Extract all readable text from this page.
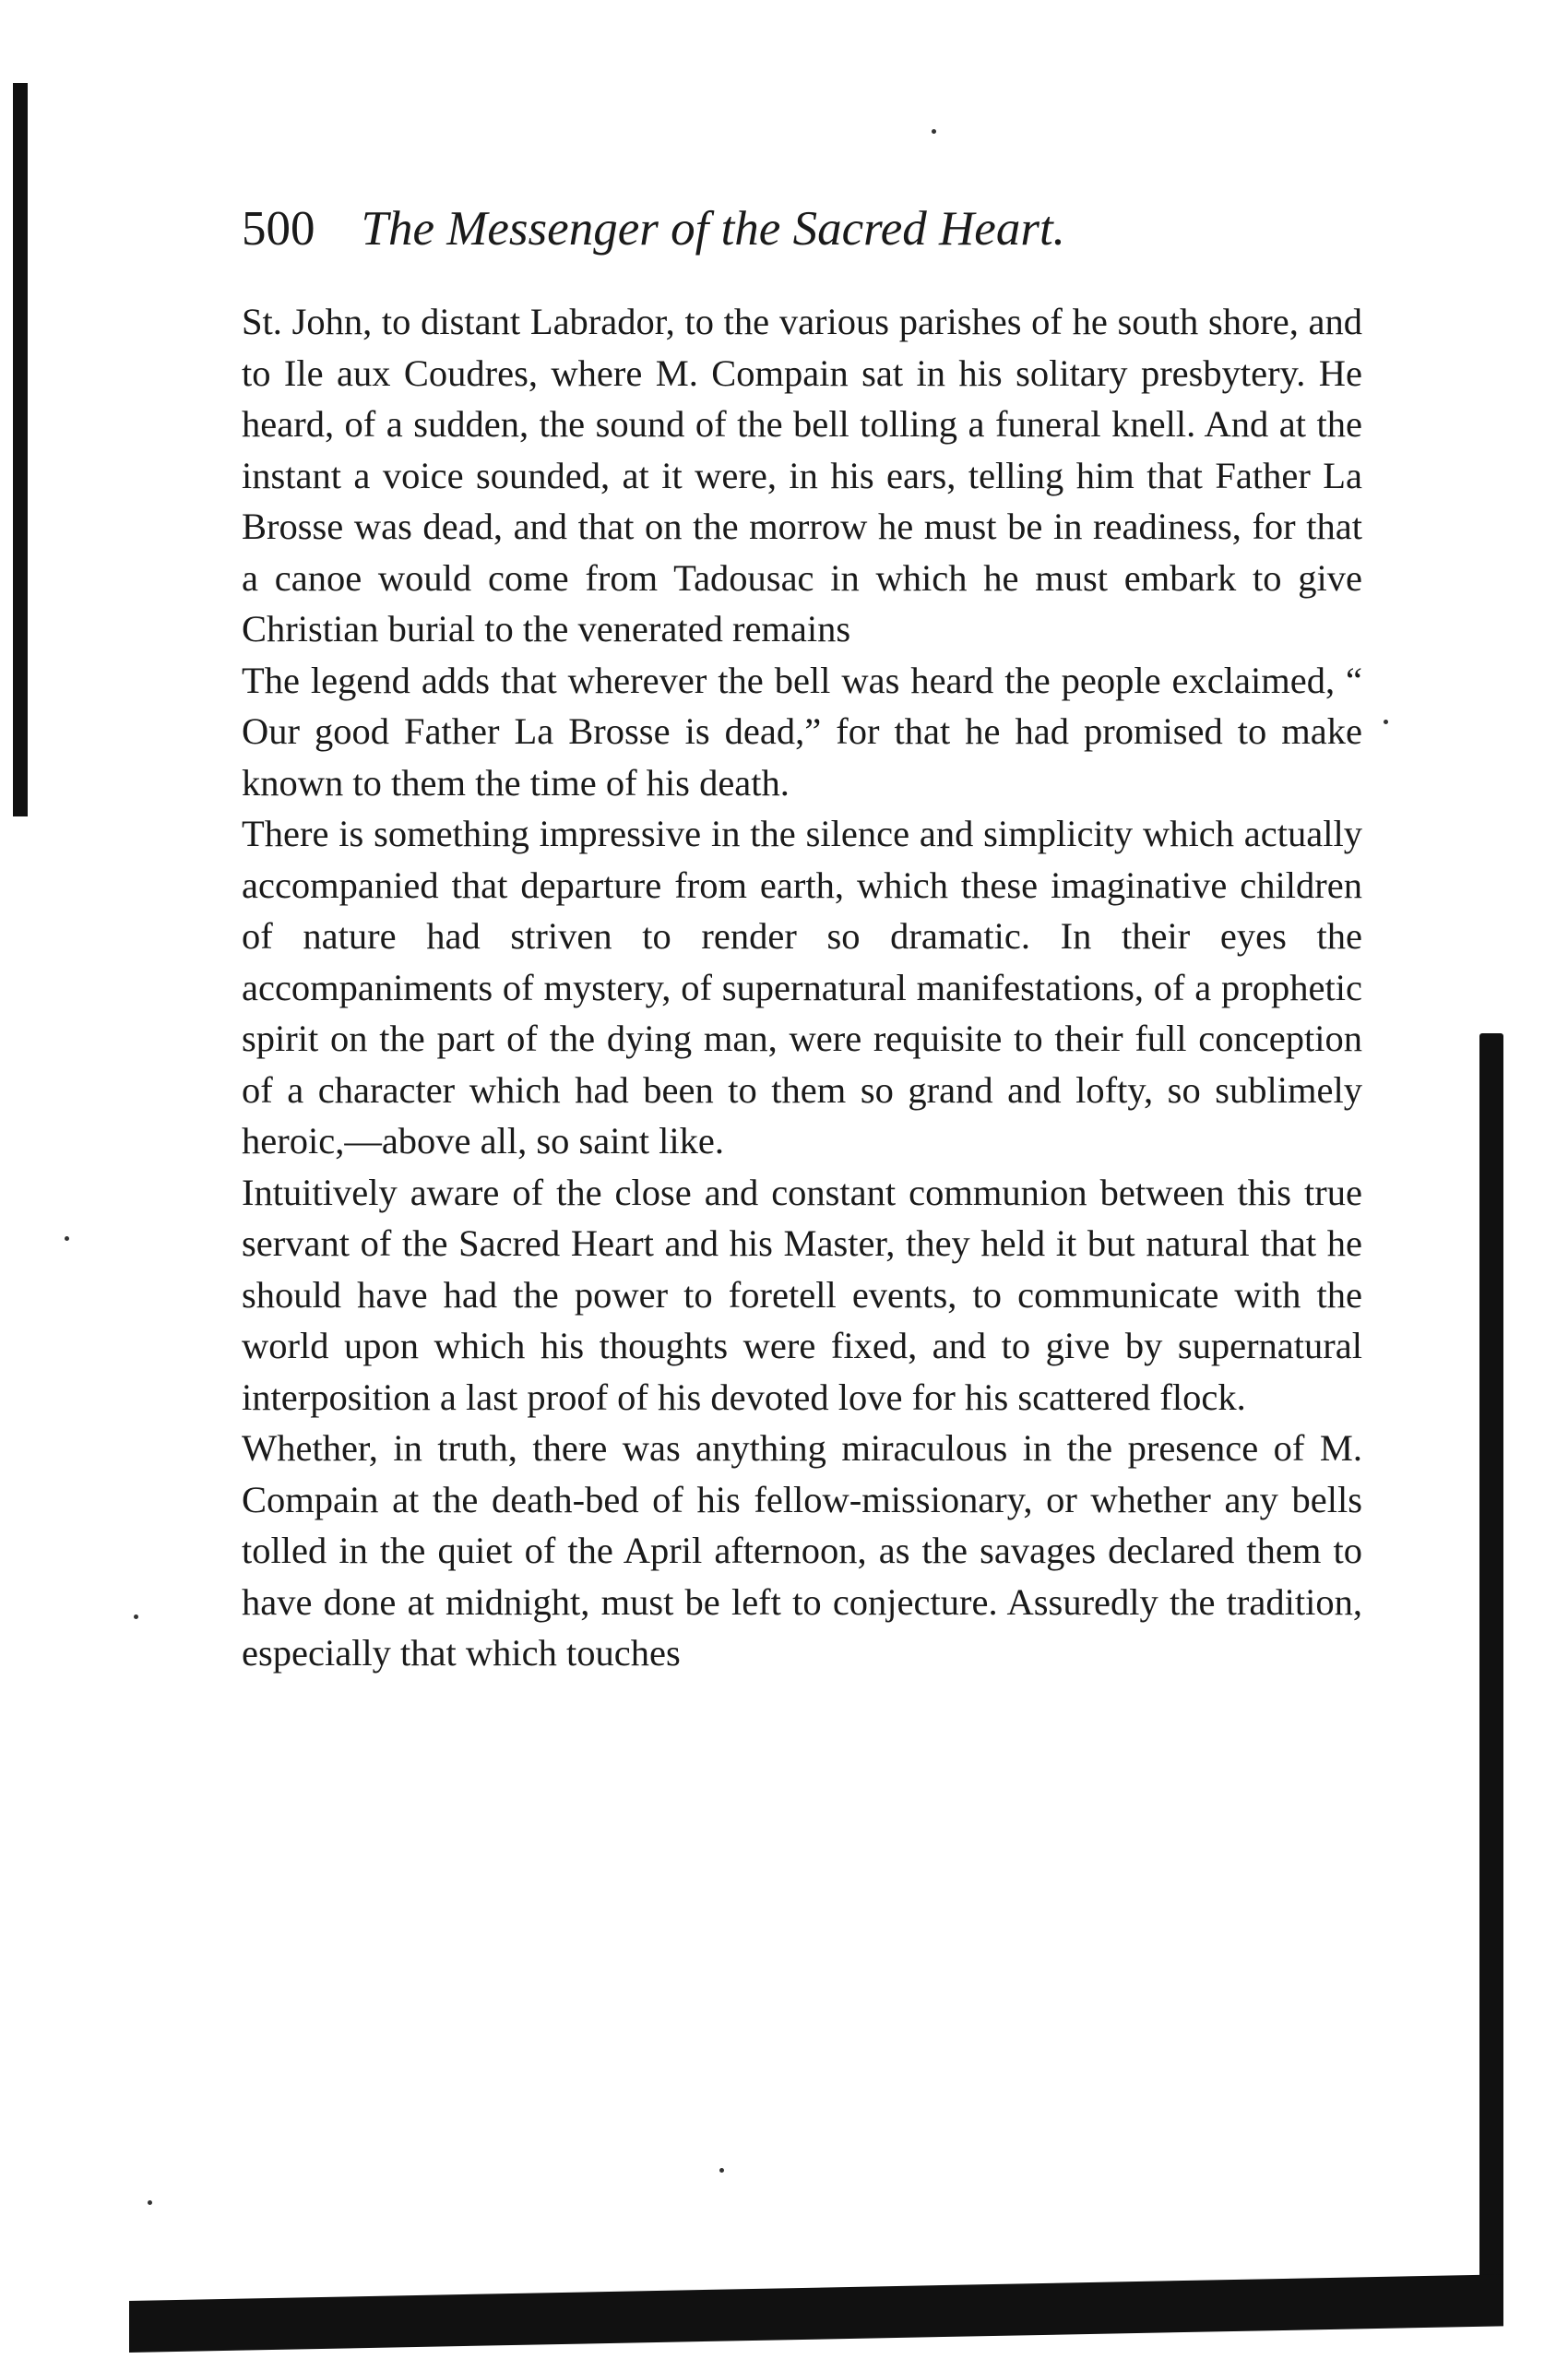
500 The Messenger of the Sacred Heart.

St. John, to distant Labrador, to the various parishes of he south shore, and to Ile aux Coudres, where M. Compain sat in his solitary presbytery. He heard, of a sudden, the sound of the bell tolling a funeral knell. And at the instant a voice sounded, at it were, in his ears, telling him that Father La Brosse was dead, and that on the morrow he must be in readiness, for that a canoe would come from Tadousac in which he must embark to give Christian burial to the venerated remains

The legend adds that wherever the bell was heard the people exclaimed, “ Our good Father La Brosse is dead,” for that he had promised to make known to them the time of his death.

There is something impressive in the silence and simplicity which actually accompanied that departure from earth, which these imaginative children of nature had striven to render so dramatic. In their eyes the accompaniments of mystery, of supernatural manifestations, of a prophetic spirit on the part of the dying man, were requisite to their full conception of a character which had been to them so grand and lofty, so sublimely heroic,—above all, so saint like.

Intuitively aware of the close and constant communion between this true servant of the Sacred Heart and his Master, they held it but natural that he should have had the power to foretell events, to communicate with the world upon which his thoughts were fixed, and to give by supernatural interposition a last proof of his devoted love for his scattered flock.

Whether, in truth, there was anything miraculous in the presence of M. Compain at the death-bed of his fellow-missionary, or whether any bells tolled in the quiet of the April afternoon, as the savages declared them to have done at midnight, must be left to conjecture. Assuredly the tradition, especially that which touches
